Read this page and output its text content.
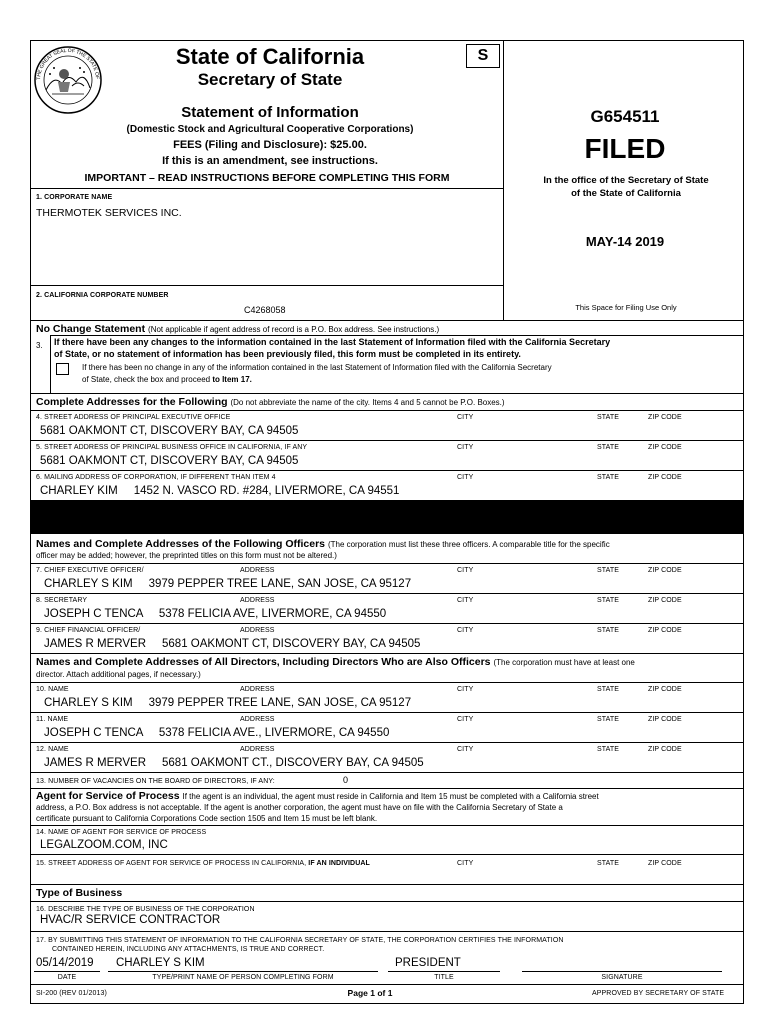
THE GREAT SEAL OF THE STATE OF
State of California
Secretary of State
S
Statement of Information
(Domestic Stock and Agricultural Cooperative Corporations)
FEES (Filing and Disclosure): $25.00.
If this is an amendment, see instructions.
IMPORTANT – READ INSTRUCTIONS BEFORE COMPLETING THIS FORM
G654511
FILED
In the office of the Secretary of State
of the State of California
MAY-14 2019
This Space for Filing Use Only
1. CORPORATE NAME
THERMOTEK SERVICES INC.
2. CALIFORNIA CORPORATE NUMBER
C4268058
No Change Statement (Not applicable if agent address of record is a P.O. Box address. See instructions.)
3. If there have been any changes to the information contained in the last Statement of Information filed with the California Secretary
of State, or no statement of information has been previously filed, this form must be completed in its entirety.
If there has been no change in any of the information contained in the last Statement of Information filed with the California Secretary
of State, check the box and proceed to Item 17.
Complete Addresses for the Following (Do not abbreviate the name of the city. Items 4 and 5 cannot be P.O. Boxes.)
4. STREET ADDRESS OF PRINCIPAL EXECUTIVE OFFICE	CITY	STATE	ZIP CODE
5681 OAKMONT CT, DISCOVERY BAY, CA 94505
5. STREET ADDRESS OF PRINCIPAL BUSINESS OFFICE IN CALIFORNIA, IF ANY	CITY	STATE	ZIP CODE
5681 OAKMONT CT, DISCOVERY BAY, CA 94505
6. MAILING ADDRESS OF CORPORATION, IF DIFFERENT THAN ITEM 4	CITY	STATE	ZIP CODE
CHARLEY KIM     1452 N. VASCO RD. #284, LIVERMORE, CA 94551
Names and Complete Addresses of the Following Officers (The corporation must list these three officers. A comparable title for the specific
officer may be added; however, the preprinted titles on this form must not be altered.)
7. CHIEF EXECUTIVE OFFICER/	ADDRESS	CITY	STATE	ZIP CODE
CHARLEY S KIM     3979 PEPPER TREE LANE, SAN JOSE, CA 95127
8. SECRETARY	ADDRESS	CITY	STATE	ZIP CODE
JOSEPH C TENCA     5378 FELICIA AVE, LIVERMORE, CA 94550
9. CHIEF FINANCIAL OFFICER/	ADDRESS	CITY	STATE	ZIP CODE
JAMES R MERVER     5681 OAKMONT CT, DISCOVERY BAY, CA 94505
Names and Complete Addresses of All Directors, Including Directors Who are Also Officers (The corporation must have at least one
director. Attach additional pages, if necessary.)
10. NAME	ADDRESS	CITY	STATE	ZIP CODE
CHARLEY S KIM     3979 PEPPER TREE LANE, SAN JOSE, CA 95127
11. NAME	ADDRESS	CITY	STATE	ZIP CODE
JOSEPH C TENCA     5378 FELICIA AVE., LIVERMORE, CA 94550
12. NAME	ADDRESS	CITY	STATE	ZIP CODE
JAMES R MERVER     5681 OAKMONT CT., DISCOVERY BAY, CA 94505
13. NUMBER OF VACANCIES ON THE BOARD OF DIRECTORS, IF ANY:	0
Agent for Service of Process If the agent is an individual, the agent must reside in California and Item 15 must be completed with a California street
address, a P.O. Box address is not acceptable. If the agent is another corporation, the agent must have on file with the California Secretary of State a
certificate pursuant to California Corporations Code section 1505 and Item 15 must be left blank.
14. NAME OF AGENT FOR SERVICE OF PROCESS
LEGALZOOM.COM, INC
15. STREET ADDRESS OF AGENT FOR SERVICE OF PROCESS IN CALIFORNIA, IF AN INDIVIDUAL	CITY	STATE	ZIP CODE
Type of Business
16. DESCRIBE THE TYPE OF BUSINESS OF THE CORPORATION
HVAC/R SERVICE CONTRACTOR
17. BY SUBMITTING THIS STATEMENT OF INFORMATION TO THE CALIFORNIA SECRETARY OF STATE, THE CORPORATION CERTIFIES THE INFORMATION
CONTAINED HEREIN, INCLUDING ANY ATTACHMENTS, IS TRUE AND CORRECT.
05/14/2019 CHARLEY S KIM	PRESIDENT
DATE	TYPE/PRINT NAME OF PERSON COMPLETING FORM	TITLE	SIGNATURE
SI-200 (REV 01/2013)	Page 1 of 1	APPROVED BY SECRETARY OF STATE
